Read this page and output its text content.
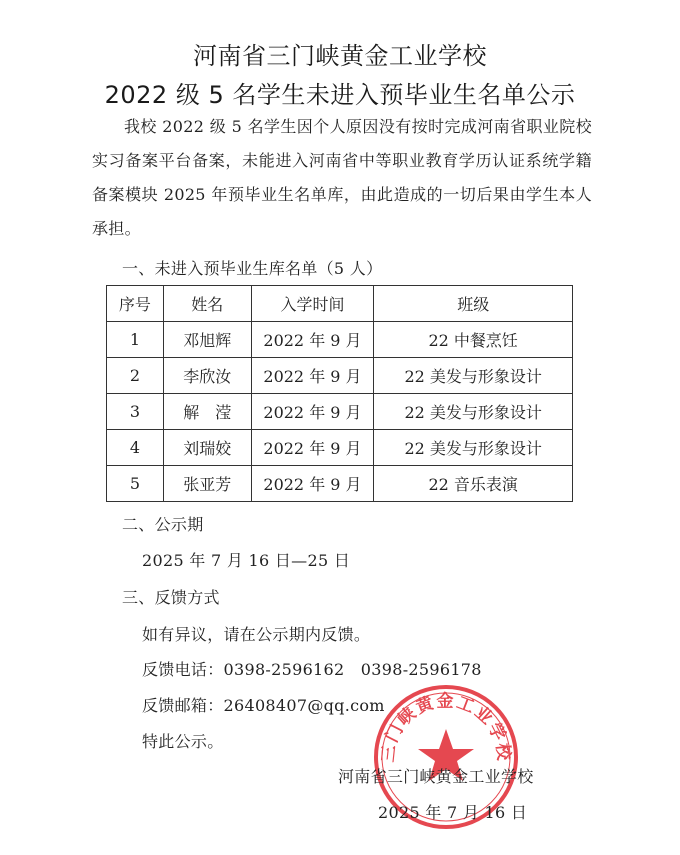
河南省三门峡黄金工业学校
2022 级 5 名学生未进入预毕业生名单公示

我校 2022 级 5 名学生因个人原因没有按时完成河南省职业院校实习备案平台备案，未能进入河南省中等职业教育学历认证系统学籍备案模块 2025 年预毕业生名单库，由此造成的一切后果由学生本人承担。

一、未进入预毕业生库名单（5 人）
序号	姓名	入学时间	班级
1	邓旭辉	2022 年 9 月	22 中餐烹饪
2	李欣汝	2022 年 9 月	22 美发与形象设计
3	解　滢	2022 年 9 月	22 美发与形象设计
4	刘瑞姣	2022 年 9 月	22 美发与形象设计
5	张亚芳	2022 年 9 月	22 音乐表演
二、公示期
2025 年 7 月 16 日—25 日
三、反馈方式
如有异议，请在公示期内反馈。
反馈电话：0398-2596162　0398-2596178
反馈邮箱：26408407@qq.com
特此公示。
三门峡黄金工业学校
河南省三门峡黄金工业学校
2025 年 7 月 16 日
